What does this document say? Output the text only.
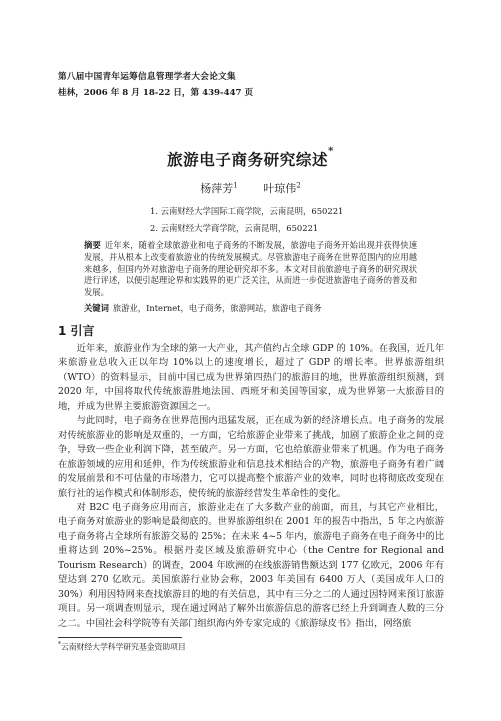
第八届中国青年运筹信息管理学者大会论文集
桂林，2006 年 8 月 18-22 日，第 439-447 页
旅游电子商务研究综述*
杨萍芳$^1$ 叶琼伟$^2$
1. 云南财经大学国际工商学院，云南昆明，650221
2. 云南财经大学商学院，云南昆明，650221
摘要 近年来，随着全球旅游业和电子商务的不断发展，旅游电子商务开始出现并获得快速发展，并从根本上改变着旅游业的传统发展模式。尽管旅游电子商务在世界范围内的应用越来越多，但国内外对旅游电子商务的理论研究却不多。本文对目前旅游电子商务的研究现状进行评述，以便引起理论界和实践界的更广泛关注，从而进一步促进旅游电子商务的普及和发展。
关键词 旅游业，Internet，电子商务，旅游网站，旅游电子商务
1 引言

近年来，旅游业作为全球的第一大产业，其产值约占全球 GDP 的 10%。在我国，近几年来旅游业总收入正以年均 10%以上的速度增长，超过了 GDP 的增长率。世界旅游组织（WTO）的资料显示，目前中国已成为世界第四热门的旅游目的地，世界旅游组织预测，到 2020 年，中国将取代传统旅游胜地法国、西班牙和美国等国家，成为世界第一大旅游目的地，并成为世界主要旅游资源国之一。

与此同时，电子商务在世界范围内迅猛发展，正在成为新的经济增长点。电子商务的发展对传统旅游业的影响是双重的，一方面，它给旅游企业带来了挑战，加剧了旅游企业之间的竞争，导致一些企业利润下降，甚至破产。另一方面，它也给旅游业带来了机遇。作为电子商务在旅游领域的应用和延伸，作为传统旅游业和信息技术相结合的产物，旅游电子商务有着广阔的发展前景和不可估量的市场潜力，它可以提高整个旅游产业的效率，同时也将彻底改变现在旅行社的运作模式和体制形态，使传统的旅游经营发生革命性的变化。

对 B2C 电子商务应用而言，旅游业走在了大多数产业的前面，而且，与其它产业相比，电子商务对旅游业的影响是最彻底的。世界旅游组织在 2001 年的报告中指出，5 年之内旅游电子商务将占全球所有旅游交易的 25%；在未来 4~5 年内，旅游电子商务在电子商务中的比重将达到 20%~25%。根据丹麦区域及旅游研究中心（the Centre for Regional and Tourism Research）的调查，2004 年欧洲的在线旅游销售额达到 177 亿欧元，2006 年有望达到 270 亿欧元。美国旅游行业协会称，2003 年美国有 6400 万人（美国成年人口的 30%）利用因特网来查找旅游目的地的有关信息，其中有三分之二的人通过因特网来预订旅游项目。另一项调查则显示，现在通过网站了解外出旅游信息的游客已经上升到调查人数的三分之二。中国社会科学院等有关部门组织海内外专家完成的《旅游绿皮书》指出，网络旅

*云南财经大学科学研究基金资助项目
